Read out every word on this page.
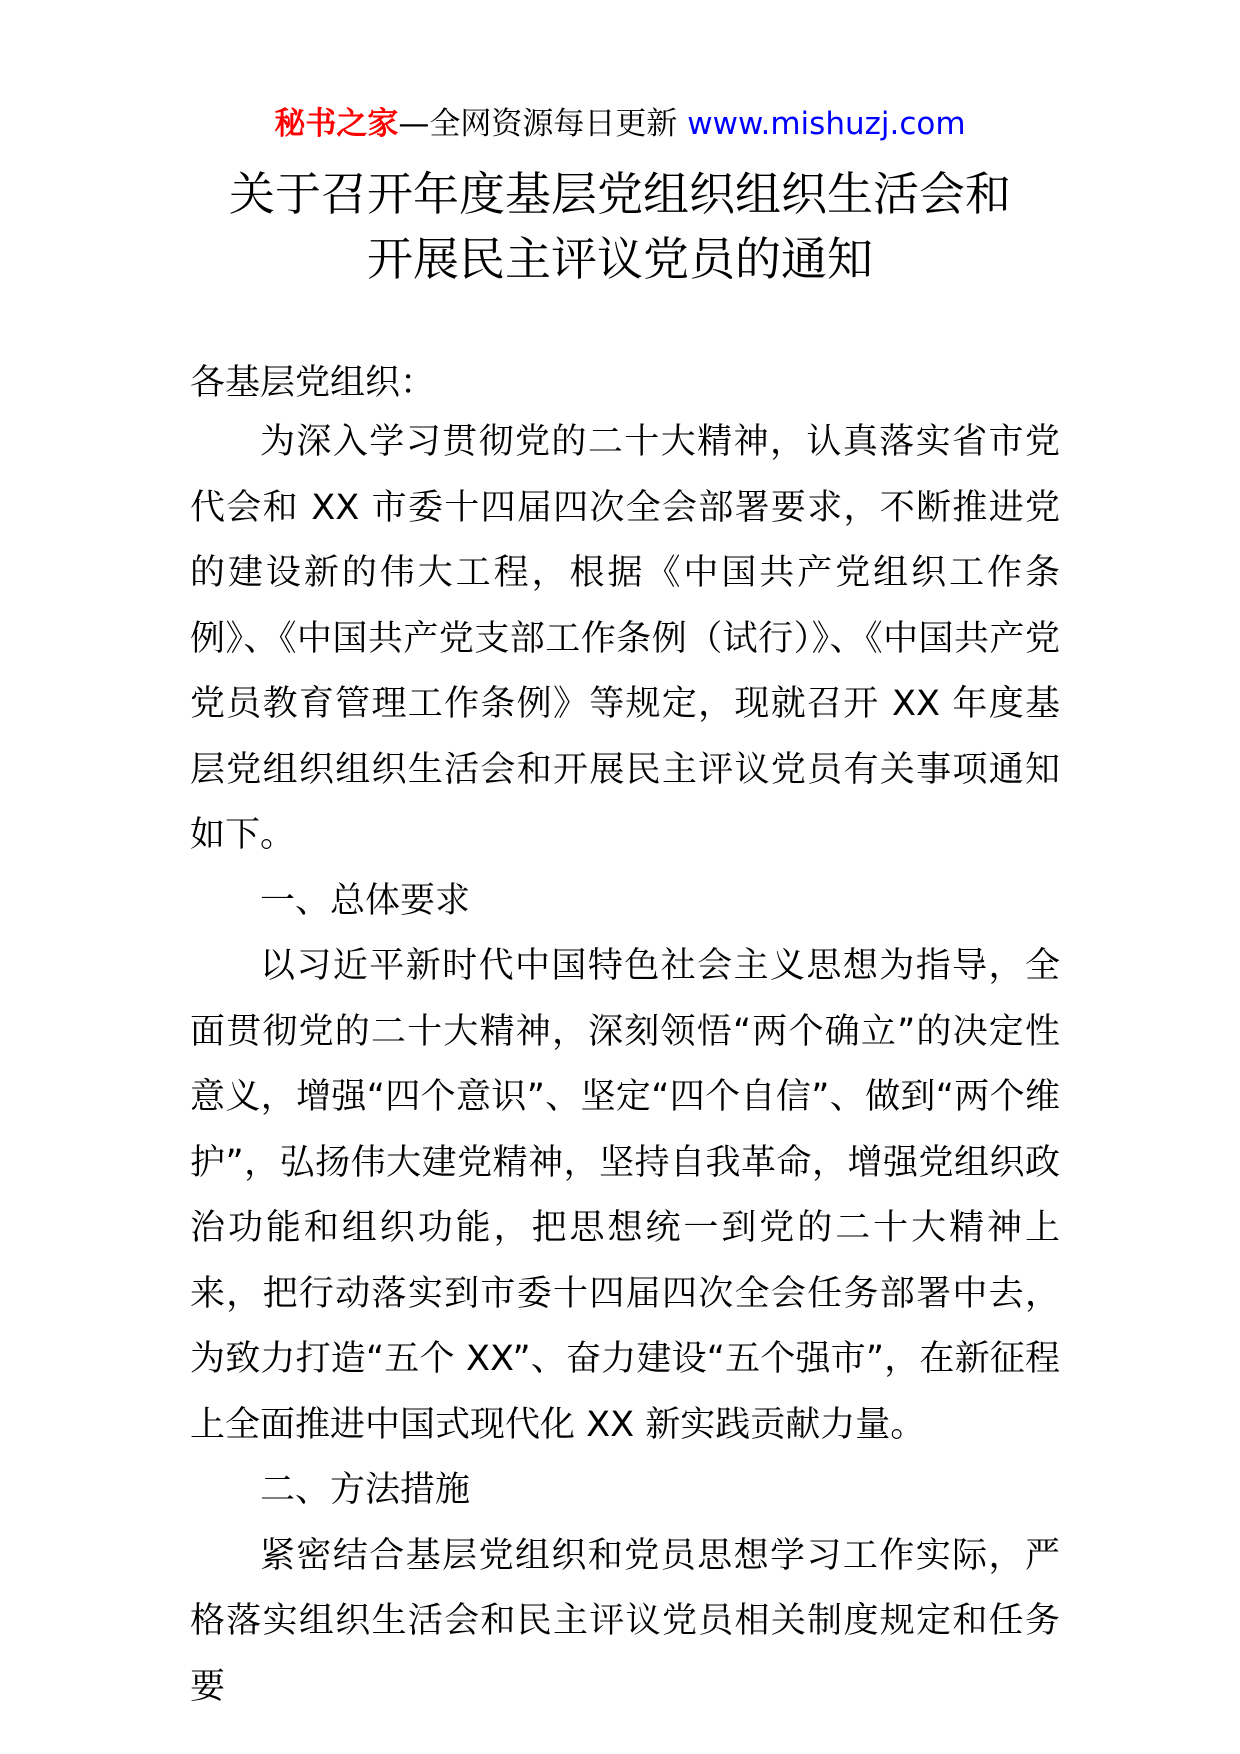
秘书之家—全网资源每日更新 www.mishuzj.com
关于召开年度基层党组织组织生活会和
开展民主评议党员的通知
各基层党组织：

为深入学习贯彻党的二十大精神，认真落实省市党代会和 XX 市委十四届四次全会部署要求，不断推进党的建设新的伟大工程，根据《中国共产党组织工作条例》、《中国共产党支部工作条例（试行）》、《中国共产党党员教育管理工作条例》等规定，现就召开 XX 年度基层党组织组织生活会和开展民主评议党员有关事项通知如下。

一、总体要求

以习近平新时代中国特色社会主义思想为指导，全面贯彻党的二十大精神，深刻领悟“两个确立”的决定性意义，增强“四个意识”、坚定“四个自信”、做到“两个维护”，弘扬伟大建党精神，坚持自我革命，增强党组织政治功能和组织功能，把思想统一到党的二十大精神上来，把行动落实到市委十四届四次全会任务部署中去，为致力打造“五个 XX”、奋力建设“五个强市”，在新征程上全面推进中国式现代化 XX 新实践贡献力量。

二、方法措施

紧密结合基层党组织和党员思想学习工作实际，严格落实组织生活会和民主评议党员相关制度规定和任务要
